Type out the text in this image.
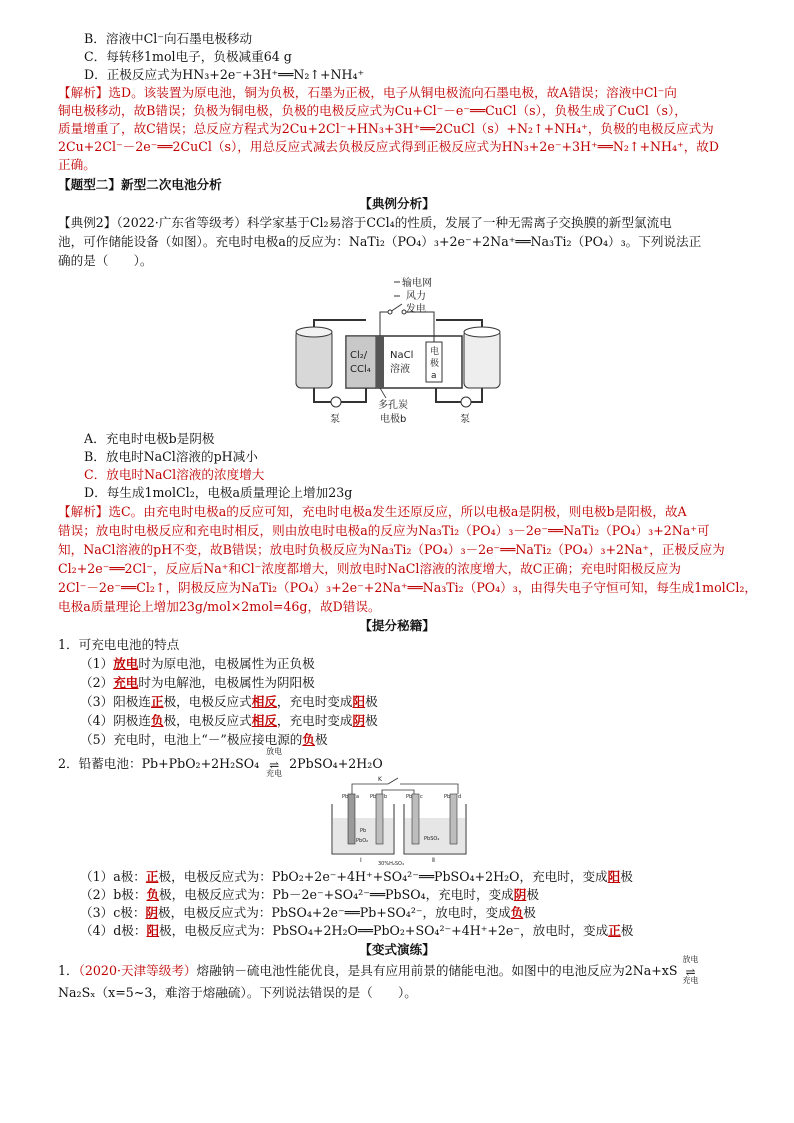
B．溶液中Cl⁻向石墨电极移动
C．每转移1mol电子，负极减重64 g
D．正极反应式为HN₃+2e⁻+3H⁺══N₂↑+NH₄⁺
【解析】选D。该装置为原电池，铜为负极，石墨为正极，电子从铜电极流向石墨电极，故A错误；溶液中Cl⁻向
铜电极移动，故B错误；负极为铜电极，负极的电极反应式为Cu+Cl⁻－e⁻══CuCl（s），负极生成了CuCl（s），
质量增重了，故C错误；总反应方程式为2Cu+2Cl⁻+HN₃+3H⁺══2CuCl（s）+N₂↑+NH₄⁺，负极的电极反应式为
2Cu+2Cl⁻－2e⁻══2CuCl（s），用总反应式减去负极反应式得到正极反应式为HN₃+2e⁻+3H⁺══N₂↑+NH₄⁺，故D
正确。
【题型二】新型二次电池分析
【典例分析】
【典例2】（2022·广东省等级考）科学家基于Cl₂易溶于CCl₄的性质，发展了一种无需离子交换膜的新型氯流电
池，可作储能设备（如图）。充电时电极a的反应为：NaTi₂（PO₄）₃+2e⁻+2Na⁺══Na₃Ti₂（PO₄）₃。下列说法正
确的是（　　）。
输电网
风力
发电
Cl₂/
CCl₄
NaCl
溶液
电
极
a
多孔炭
电极b
泵	泵
A．充电时电极b是阴极
B．放电时NaCl溶液的pH减小
C．放电时NaCl溶液的浓度增大
D．每生成1molCl₂，电极a质量理论上增加23g
【解析】选C。由充电时电极a的反应可知，充电时电极a发生还原反应，所以电极a是阴极，则电极b是阳极，故A
错误；放电时电极反应和充电时相反，则由放电时电极a的反应为Na₃Ti₂（PO₄）₃－2e⁻══NaTi₂（PO₄）₃+2Na⁺可
知，NaCl溶液的pH不变，故B错误；放电时负极反应为Na₃Ti₂（PO₄）₃－2e⁻══NaTi₂（PO₄）₃+2Na⁺，正极反应为
Cl₂+2e⁻══2Cl⁻，反应后Na⁺和Cl⁻浓度都增大，则放电时NaCl溶液的浓度增大，故C正确；充电时阳极反应为
2Cl⁻－2e⁻══Cl₂↑，阴极反应为NaTi₂（PO₄）₃+2e⁻+2Na⁺══Na₃Ti₂（PO₄）₃，由得失电子守恒可知，每生成1molCl₂，
电极a质量理论上增加23g/mol×2mol=46g，故D错误。
【提分秘籍】
1．可充电电池的特点
（1）放电时为原电池，电极属性为正负极
（2）充电时为电解池，电极属性为阴阳极
（3）阳极连正极，电极反应式相反，充电时变成阳极
（4）阴极连负极，电极反应式相反，充电时变成阴极
（5）充电时，电池上“－”极应接电源的负极
2．铅蓄电池：Pb+PbO₂+2H₂SO₄
放电
⇌
充电
2PbSO₄+2H₂O
K
Pb a Pb b	Pb c	Pb d
Pb
PbO₂	PbSO₄
Ⅰ	Ⅱ
30%H₂SO₄
（1）a极：正极，电极反应式为：PbO₂+2e⁻+4H⁺+SO₄²⁻══PbSO₄+2H₂O，充电时，变成阳极
（2）b极：负极，电极反应式为：Pb－2e⁻+SO₄²⁻══PbSO₄，充电时，变成阴极
（3）c极：阴极，电极反应式为：PbSO₄+2e⁻══Pb+SO₄²⁻，放电时，变成负极
（4）d极：阳极，电极反应式为：PbSO₄+2H₂O══PbO₂+SO₄²⁻+4H⁺+2e⁻，放电时，变成正极
【变式演练】
1．（2020·天津等级考）熔融钠－硫电池性能优良，是具有应用前景的储能电池。如图中的电池反应为2Na+xS
放电
⇌
充电
Na₂Sₓ（x=5~3，难溶于熔融硫）。下列说法错误的是（　　）。
